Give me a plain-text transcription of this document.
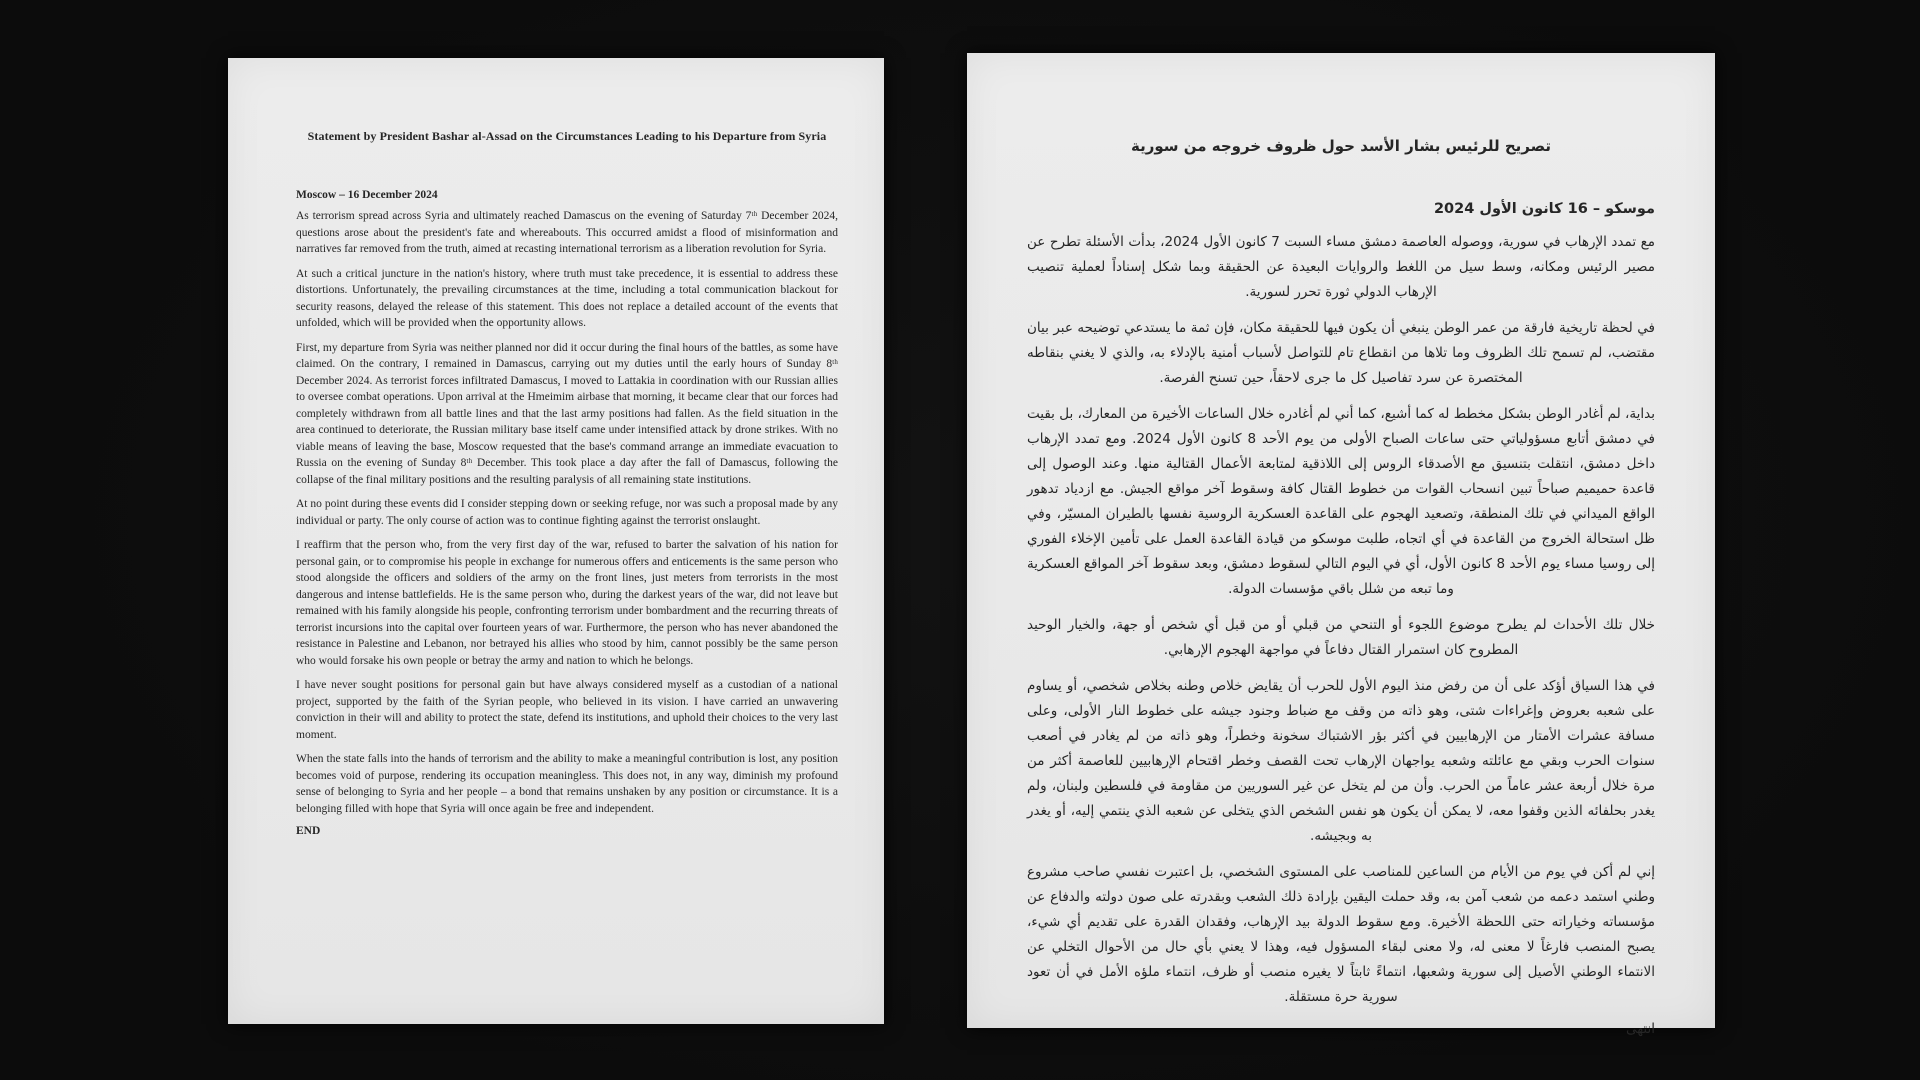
Statement by President Bashar al-Assad on the Circumstances Leading to his Departure from Syria
Moscow – 16 December 2024

As terrorism spread across Syria and ultimately reached Damascus on the evening of Saturday 7ᵗʰ December 2024, questions arose about the president's fate and whereabouts. This occurred amidst a flood of misinformation and narratives far removed from the truth, aimed at recasting international terrorism as a liberation revolution for Syria.

At such a critical juncture in the nation's history, where truth must take precedence, it is essential to address these distortions. Unfortunately, the prevailing circumstances at the time, including a total communication blackout for security reasons, delayed the release of this statement. This does not replace a detailed account of the events that unfolded, which will be provided when the opportunity allows.

First, my departure from Syria was neither planned nor did it occur during the final hours of the battles, as some have claimed. On the contrary, I remained in Damascus, carrying out my duties until the early hours of Sunday 8ᵗʰ December 2024. As terrorist forces infiltrated Damascus, I moved to Lattakia in coordination with our Russian allies to oversee combat operations. Upon arrival at the Hmeimim airbase that morning, it became clear that our forces had completely withdrawn from all battle lines and that the last army positions had fallen. As the field situation in the area continued to deteriorate, the Russian military base itself came under intensified attack by drone strikes. With no viable means of leaving the base, Moscow requested that the base's command arrange an immediate evacuation to Russia on the evening of Sunday 8ᵗʰ December. This took place a day after the fall of Damascus, following the collapse of the final military positions and the resulting paralysis of all remaining state institutions.

At no point during these events did I consider stepping down or seeking refuge, nor was such a proposal made by any individual or party. The only course of action was to continue fighting against the terrorist onslaught.

I reaffirm that the person who, from the very first day of the war, refused to barter the salvation of his nation for personal gain, or to compromise his people in exchange for numerous offers and enticements is the same person who stood alongside the officers and soldiers of the army on the front lines, just meters from terrorists in the most dangerous and intense battlefields. He is the same person who, during the darkest years of the war, did not leave but remained with his family alongside his people, confronting terrorism under bombardment and the recurring threats of terrorist incursions into the capital over fourteen years of war. Furthermore, the person who has never abandoned the resistance in Palestine and Lebanon, nor betrayed his allies who stood by him, cannot possibly be the same person who would forsake his own people or betray the army and nation to which he belongs.

I have never sought positions for personal gain but have always considered myself as a custodian of a national project, supported by the faith of the Syrian people, who believed in its vision. I have carried an unwavering conviction in their will and ability to protect the state, defend its institutions, and uphold their choices to the very last moment.

When the state falls into the hands of terrorism and the ability to make a meaningful contribution is lost, any position becomes void of purpose, rendering its occupation meaningless. This does not, in any way, diminish my profound sense of belonging to Syria and her people – a bond that remains unshaken by any position or circumstance. It is a belonging filled with hope that Syria will once again be free and independent.

END
تصريح للرئيس بشار الأسد حول ظروف خروجه من سورية
موسكو – 16 كانون الأول 2024

مع تمدد الإرهاب في سورية، ووصوله العاصمة دمشق مساء السبت 7 كانون الأول 2024، بدأت الأسئلة تطرح عن مصير الرئيس ومكانه، وسط سيل من اللغط والروايات البعيدة عن الحقيقة وبما شكل إسناداً لعملية تنصيب الإرهاب الدولي ثورة تحرر لسورية.

في لحظة تاريخية فارقة من عمر الوطن ينبغي أن يكون فيها للحقيقة مكان، فإن ثمة ما يستدعي توضيحه عبر بيان مقتضب، لم تسمح تلك الظروف وما تلاها من انقطاع تام للتواصل لأسباب أمنية بالإدلاء به، والذي لا يغني بنقاطه المختصرة عن سرد تفاصيل كل ما جرى لاحقاً، حين تسنح الفرصة.

بداية، لم أغادر الوطن بشكل مخطط له كما أشيع، كما أني لم أغادره خلال الساعات الأخيرة من المعارك، بل بقيت في دمشق أتابع مسؤولياتي حتى ساعات الصباح الأولى من يوم الأحد 8 كانون الأول 2024. ومع تمدد الإرهاب داخل دمشق، انتقلت بتنسيق مع الأصدقاء الروس إلى اللاذقية لمتابعة الأعمال القتالية منها. وعند الوصول إلى قاعدة حميميم صباحاً تبين انسحاب القوات من خطوط القتال كافة وسقوط آخر مواقع الجيش. مع ازدياد تدهور الواقع الميداني في تلك المنطقة، وتصعيد الهجوم على القاعدة العسكرية الروسية نفسها بالطيران المسيّر، وفي ظل استحالة الخروج من القاعدة في أي اتجاه، طلبت موسكو من قيادة القاعدة العمل على تأمين الإخلاء الفوري إلى روسيا مساء يوم الأحد 8 كانون الأول، أي في اليوم التالي لسقوط دمشق، وبعد سقوط آخر المواقع العسكرية وما تبعه من شلل باقي مؤسسات الدولة.

خلال تلك الأحداث لم يطرح موضوع اللجوء أو التنحي من قبلي أو من قبل أي شخص أو جهة، والخيار الوحيد المطروح كان استمرار القتال دفاعاً في مواجهة الهجوم الإرهابي.

في هذا السياق أؤكد على أن من رفض منذ اليوم الأول للحرب أن يقايض خلاص وطنه بخلاص شخصي، أو يساوم على شعبه بعروض وإغراءات شتى، وهو ذاته من وقف مع ضباط وجنود جيشه على خطوط النار الأولى، وعلى مسافة عشرات الأمتار من الإرهابيين في أكثر بؤر الاشتباك سخونة وخطراً، وهو ذاته من لم يغادر في أصعب سنوات الحرب وبقي مع عائلته وشعبه يواجهان الإرهاب تحت القصف وخطر اقتحام الإرهابيين للعاصمة أكثر من مرة خلال أربعة عشر عاماً من الحرب. وأن من لم يتخل عن غير السوريين من مقاومة في فلسطين ولبنان، ولم يغدر بحلفائه الذين وقفوا معه، لا يمكن أن يكون هو نفس الشخص الذي يتخلى عن شعبه الذي ينتمي إليه، أو يغدر به وبجيشه.

إني لم أكن في يوم من الأيام من الساعين للمناصب على المستوى الشخصي، بل اعتبرت نفسي صاحب مشروع وطني استمد دعمه من شعب آمن به، وقد حملت اليقين بإرادة ذلك الشعب وبقدرته على صون دولته والدفاع عن مؤسساته وخياراته حتى اللحظة الأخيرة. ومع سقوط الدولة بيد الإرهاب، وفقدان القدرة على تقديم أي شيء، يصبح المنصب فارغاً لا معنى له، ولا معنى لبقاء المسؤول فيه، وهذا لا يعني بأي حال من الأحوال التخلي عن الانتماء الوطني الأصيل إلى سورية وشعبها، انتماءً ثابتاً لا يغيره منصب أو ظرف، انتماء ملؤه الأمل في أن تعود سورية حرة مستقلة.

انتهى
